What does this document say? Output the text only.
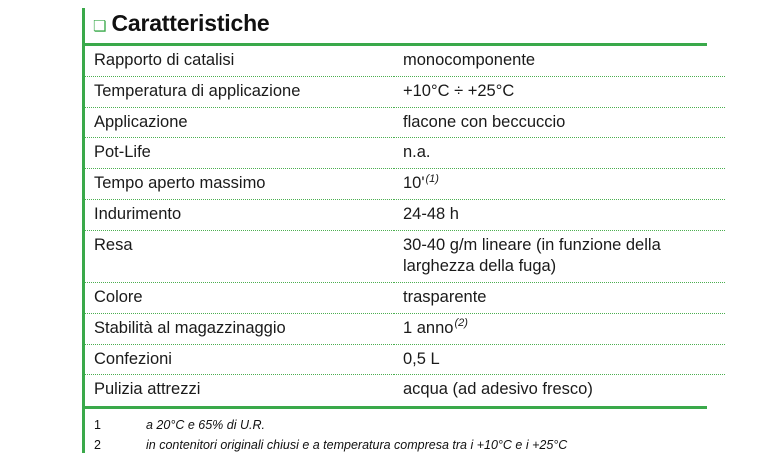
❏ Caratteristiche
Rapporto di catalisi	monocomponente
Temperatura di applicazione	+10°C ÷ +25°C
Applicazione	flacone con beccuccio
Pot-Life	n.a.
Tempo aperto massimo	10'$^{(1)}$
Indurimento	24-48 h
Resa	30-40 g/m lineare (in funzione della larghezza della fuga)
Colore	trasparente
Stabilità al magazzinaggio	1 anno$^{(2)}$
Confezioni	0,5 L
Pulizia attrezzi	acqua (ad adesivo fresco)
1	a 20°C e 65% di U.R.
2	in contenitori originali chiusi e a temperatura compresa tra i +10°C e i +25°C
